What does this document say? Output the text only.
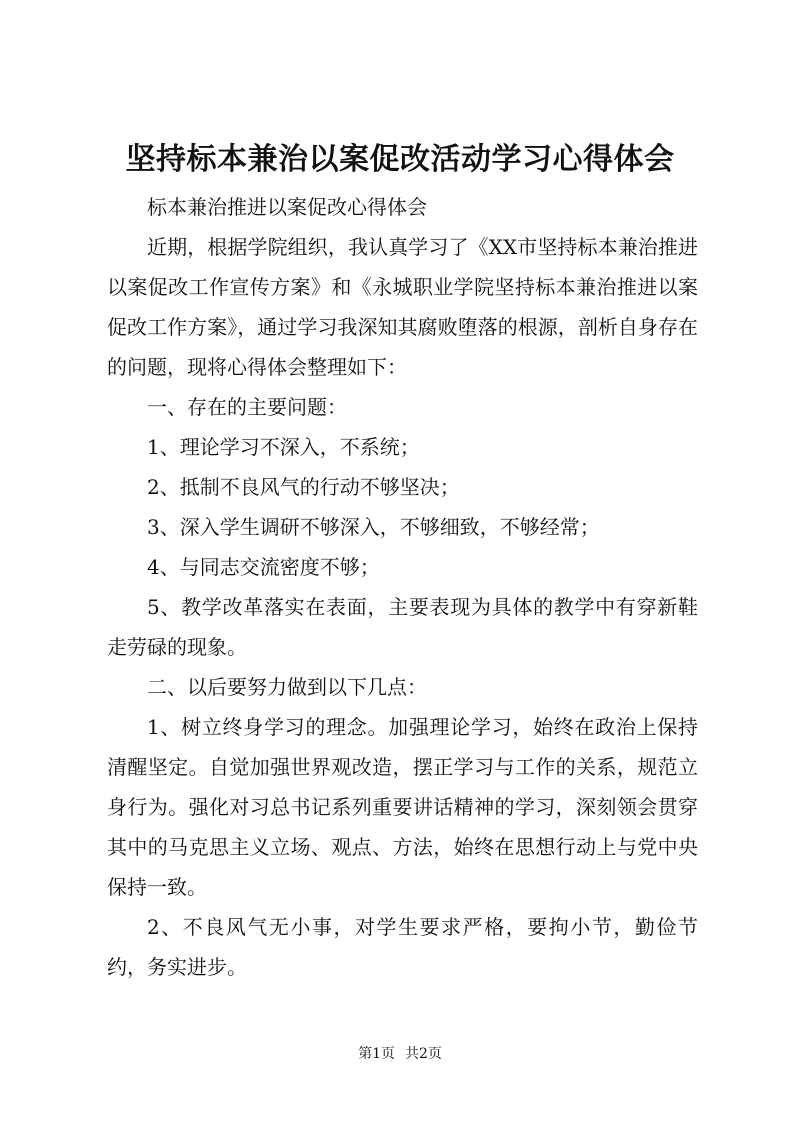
坚持标本兼治以案促改活动学习心得体会

标本兼治推进以案促改心得体会

近期，根据学院组织，我认真学习了《XX市坚持标本兼治推进以案促改工作宣传方案》和《永城职业学院坚持标本兼治推进以案促改工作方案》，通过学习我深知其腐败堕落的根源，剖析自身存在的问题，现将心得体会整理如下：

一、存在的主要问题：

1、理论学习不深入，不系统；

2、抵制不良风气的行动不够坚决；

3、深入学生调研不够深入，不够细致，不够经常；

4、与同志交流密度不够；

5、教学改革落实在表面，主要表现为具体的教学中有穿新鞋走劳碌的现象。

二、以后要努力做到以下几点：

1、树立终身学习的理念。加强理论学习，始终在政治上保持清醒坚定。自觉加强世界观改造，摆正学习与工作的关系，规范立身行为。强化对习总书记系列重要讲话精神的学习，深刻领会贯穿其中的马克思主义立场、观点、方法，始终在思想行动上与党中央保持一致。

2、不良风气无小事，对学生要求严格，要拘小节，勤俭节约，务实进步。

第1页 共2页
